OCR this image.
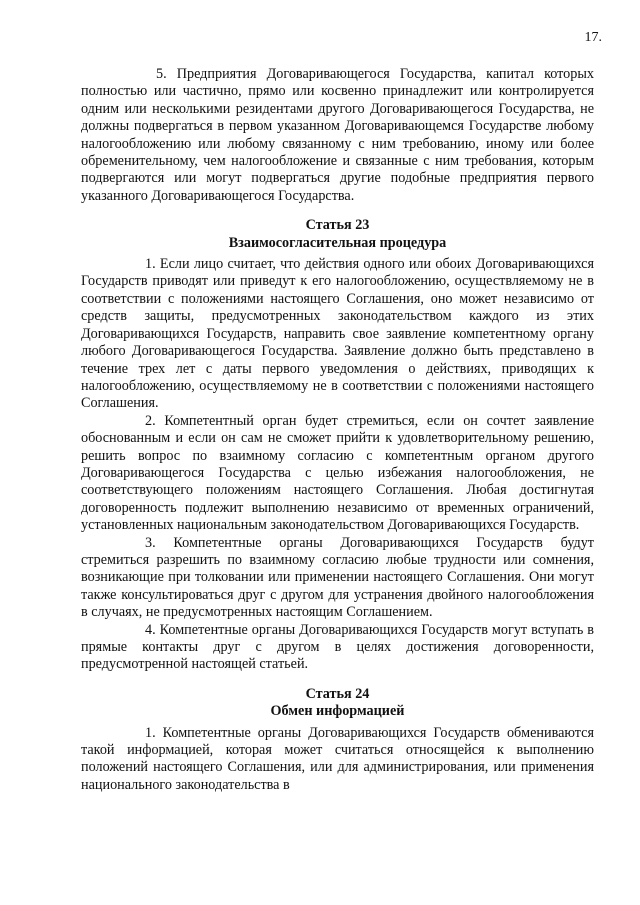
17.

5. Предприятия Договаривающегося Государства, капитал которых полностью или частично, прямо или косвенно принадлежит или контролируется одним или несколькими резидентами другого Договаривающегося Государства, не должны подвергаться в первом указанном Договаривающемся Государстве любому налогообложению или любому связанному с ним требованию, иному или более обременительному, чем налогообложение и связанные с ним требования, которым подвергаются или могут подвергаться другие подобные предприятия первого указанного Договаривающегося Государства.

Статья 23
Взаимосогласительная процедура

1. Если лицо считает, что действия одного или обоих Договаривающихся Государств приводят или приведут к его налогообложению, осуществляемому не в соответствии с положениями настоящего Соглашения, оно может независимо от средств защиты, предусмотренных законодательством каждого из этих Договаривающихся Государств, направить свое заявление компетентному органу любого Договаривающегося Государства. Заявление должно быть представлено в течение трех лет с даты первого уведомления о действиях, приводящих к налогообложению, осуществляемому не в соответствии с положениями настоящего Соглашения.

2. Компетентный орган будет стремиться, если он сочтет заявление обоснованным и если он сам не сможет прийти к удовлетворительному решению, решить вопрос по взаимному согласию с компетентным органом другого Договаривающегося Государства с целью избежания налогообложения, не соответствующего положениям настоящего Соглашения. Любая достигнутая договоренность подлежит выполнению независимо от временных ограничений, установленных национальным законодательством Договаривающихся Государств.

3. Компетентные органы Договаривающихся Государств будут стремиться разрешить по взаимному согласию любые трудности или сомнения, возникающие при толковании или применении настоящего Соглашения. Они могут также консультироваться друг с другом для устранения двойного налогообложения в случаях, не предусмотренных настоящим Соглашением.

4. Компетентные органы Договаривающихся Государств могут вступать в прямые контакты друг с другом в целях достижения договоренности, предусмотренной настоящей статьей.

Статья 24
Обмен информацией

1. Компетентные органы Договаривающихся Государств обмениваются такой информацией, которая может считаться относящейся к выполнению положений настоящего Соглашения, или для администрирования, или применения национального законодательства в
